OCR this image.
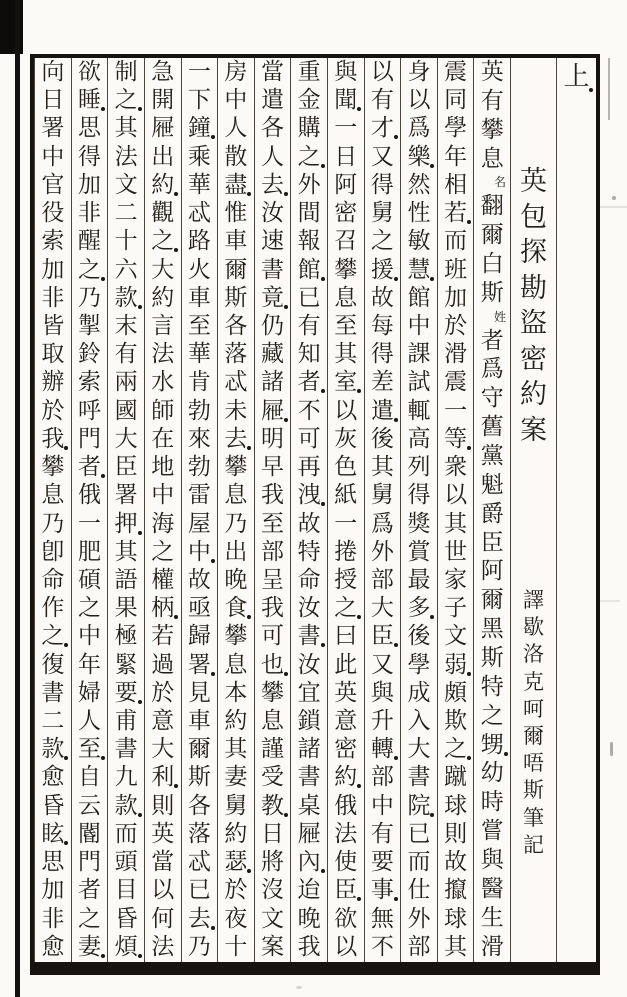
上
英
包
探
勘
盜
密
約
案
譯
歇
洛
克
呵
爾
唔
斯
筆
記
英
有
攀
息
名
翻
爾
白
斯
姓
者
爲
守
舊
黨
魁
爵
臣
阿
爾
黑
斯
特
之
甥
幼
時
嘗
與
醫
生
滑
震
同
學
年
相
若
而
班
加
於
滑
震
一
等
衆
以
其
世
家
子
文
弱
頗
欺
之
蹴
球
則
故
攛
球
其
身
以
爲
樂
然
性
敏
慧
館
中
課
試
輒
高
列
得
獎
賞
最
多
後
學
成
入
大
書
院
已
而
仕
外
部
以
有
才
又
得
舅
之
援
故
每
得
差
遣
後
其
舅
爲
外
部
大
臣
又
與
升
轉
部
中
有
要
事
無
不
與
聞
一
日
阿
密
召
攀
息
至
其
室
以
灰
色
紙
一
捲
授
之
曰
此
英
意
密
約
俄
法
使
臣
欲
以
重
金
購
之
外
間
報
館
已
有
知
者
不
可
再
洩
故
特
命
汝
書
汝
宜
鎖
諸
書
桌
屜
內
迨
晚
我
當
遣
各
人
去
汝
速
書
竟
仍
藏
諸
屜
明
早
我
至
部
呈
我
可
也
攀
息
謹
受
教
日
將
沒
文
案
房
中
人
散
盡
惟
車
爾
斯
各
落
忒
未
去
攀
息
乃
出
晚
食
攀
息
本
約
其
妻
舅
約
瑟
於
夜
十
一
下
鐘
乘
華
忒
路
火
車
至
華
肯
勃
來
勃
雷
屋
中
故
亟
歸
署
見
車
爾
斯
各
落
忒
已
去
乃
急
開
屜
出
約
觀
之
大
約
言
法
水
師
在
地
中
海
之
權
柄
若
過
於
意
大
利
則
英
當
以
何
法
制
之
其
法
文
二
十
六
款
末
有
兩
國
大
臣
署
押
其
語
果
極
緊
要
甫
書
九
款
而
頭
目
昏
煩
欲
睡
思
得
加
非
醒
之
乃
掣
鈴
索
呼
門
者
俄
一
肥
碩
之
中
年
婦
人
至
自
云
閽
門
者
之
妻
向
日
署
中
官
役
索
加
非
皆
取
辦
於
我
攀
息
乃
卽
命
作
之
復
書
二
款
愈
昏
眩
思
加
非
愈
